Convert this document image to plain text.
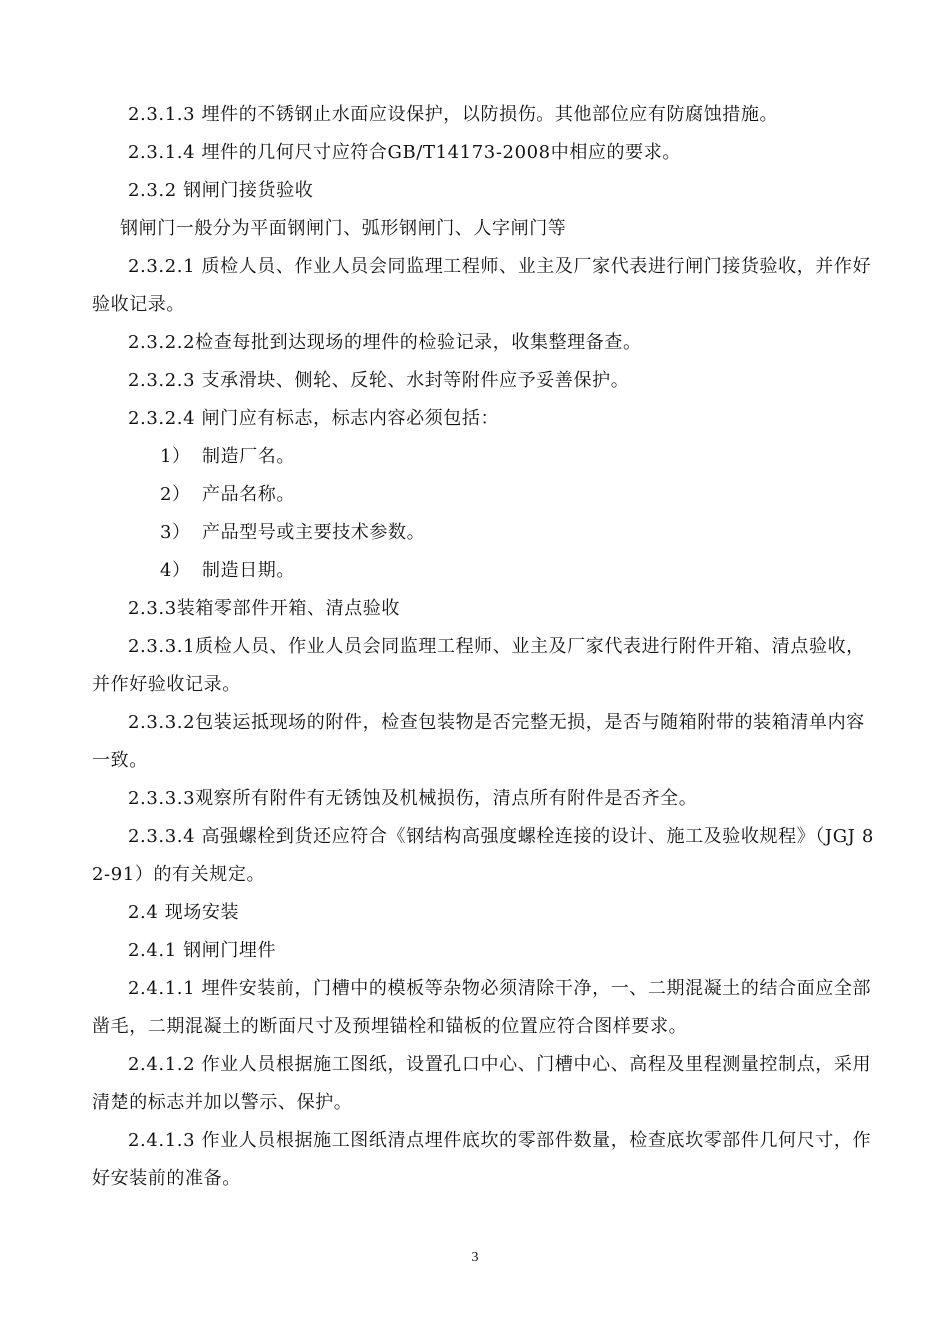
2.3.1.3 埋件的不锈钢止水面应设保护，以防损伤。其他部位应有防腐蚀措施。

2.3.1.4 埋件的几何尺寸应符合GB/T14173-2008中相应的要求。

2.3.2 钢闸门接货验收

钢闸门一般分为平面钢闸门、弧形钢闸门、人字闸门等

2.3.2.1 质检人员、作业人员会同监理工程师、业主及厂家代表进行闸门接货验收，并作好验收记录。

2.3.2.2检查每批到达现场的埋件的检验记录，收集整理备查。

2.3.2.3 支承滑块、侧轮、反轮、水封等附件应予妥善保护。

2.3.2.4 闸门应有标志，标志内容必须包括：

1） 制造厂名。
2） 产品名称。
3） 产品型号或主要技术参数。
4） 制造日期。

2.3.3装箱零部件开箱、清点验收

2.3.3.1质检人员、作业人员会同监理工程师、业主及厂家代表进行附件开箱、清点验收，并作好验收记录。

2.3.3.2包装运抵现场的附件，检查包装物是否完整无损，是否与随箱附带的装箱清单内容一致。

2.3.3.3观察所有附件有无锈蚀及机械损伤，清点所有附件是否齐全。

2.3.3.4 高强螺栓到货还应符合《钢结构高强度螺栓连接的设计、施工及验收规程》（JGJ 82-91）的有关规定。

2.4 现场安装

2.4.1 钢闸门埋件

2.4.1.1 埋件安装前，门槽中的模板等杂物必须清除干净，一、二期混凝土的结合面应全部凿毛，二期混凝土的断面尺寸及预埋锚栓和锚板的位置应符合图样要求。

2.4.1.2 作业人员根据施工图纸，设置孔口中心、门槽中心、高程及里程测量控制点，采用清楚的标志并加以警示、保护。

2.4.1.3 作业人员根据施工图纸清点埋件底坎的零部件数量，检查底坎零部件几何尺寸，作好安装前的准备。

3
